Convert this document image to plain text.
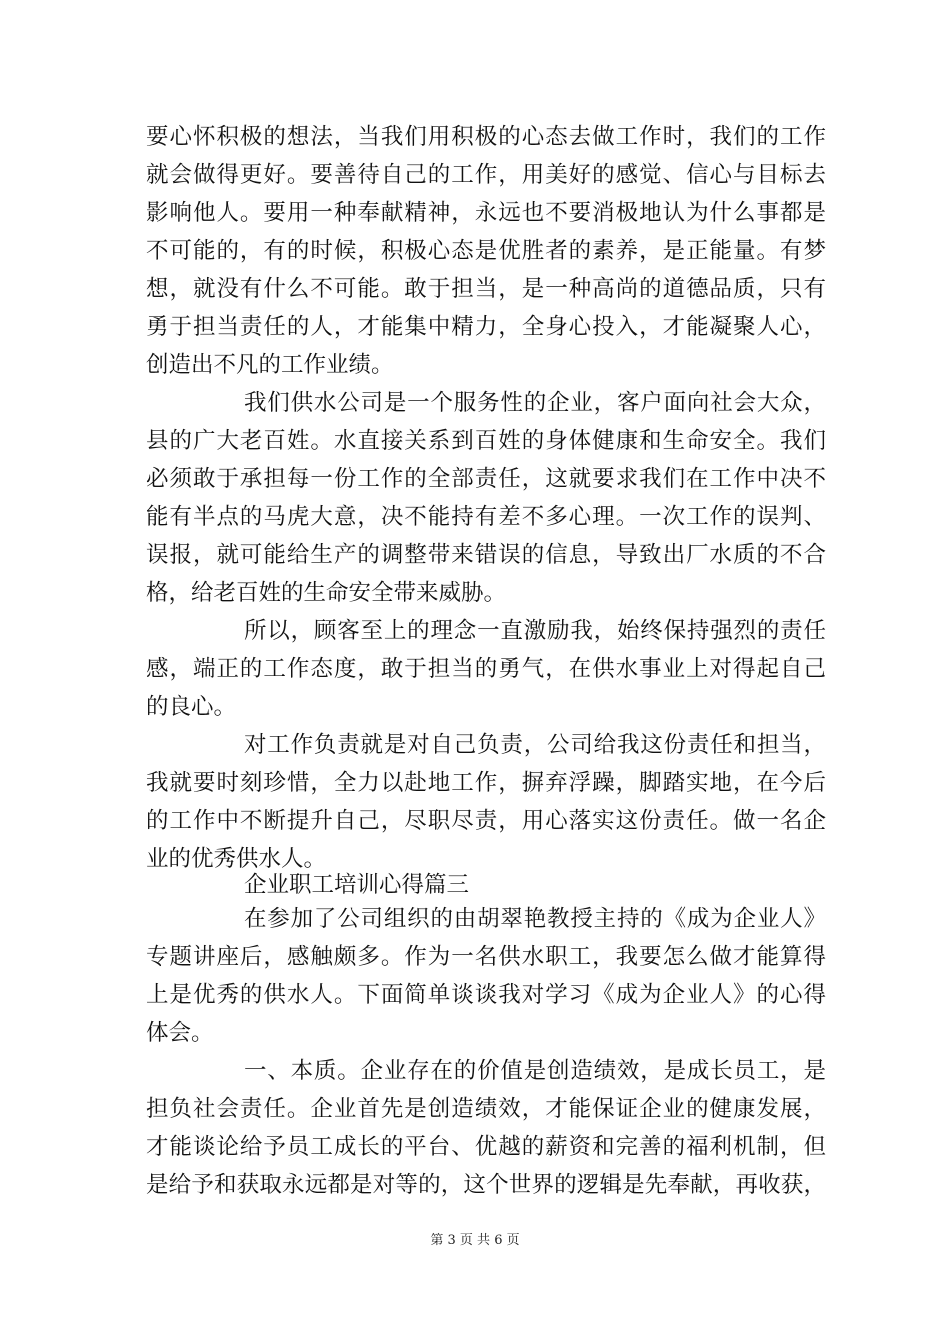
要心怀积极的想法，当我们用积极的心态去做工作时，我们的工作
就会做得更好。要善待自己的工作，用美好的感觉、信心与目标去
影响他人。要用一种奉献精神，永远也不要消极地认为什么事都是
不可能的，有的时候，积极心态是优胜者的素养，是正能量。有梦
想，就没有什么不可能。敢于担当，是一种高尚的道德品质，只有
勇于担当责任的人，才能集中精力，全身心投入，才能凝聚人心，
创造出不凡的工作业绩。
我们供水公司是一个服务性的企业，客户面向社会大众，
县的广大老百姓。水直接关系到百姓的身体健康和生命安全。我们
必须敢于承担每一份工作的全部责任，这就要求我们在工作中决不
能有半点的马虎大意，决不能持有差不多心理。一次工作的误判、
误报，就可能给生产的调整带来错误的信息，导致出厂水质的不合
格，给老百姓的生命安全带来威胁。
所以，顾客至上的理念一直激励我，始终保持强烈的责任
感，端正的工作态度，敢于担当的勇气，在供水事业上对得起自己
的良心。
对工作负责就是对自己负责，公司给我这份责任和担当，
我就要时刻珍惜，全力以赴地工作，摒弃浮躁，脚踏实地，在今后
的工作中不断提升自己，尽职尽责，用心落实这份责任。做一名企
业的优秀供水人。
企业职工培训心得篇三
在参加了公司组织的由胡翠艳教授主持的《成为企业人》
专题讲座后，感触颇多。作为一名供水职工，我要怎么做才能算得
上是优秀的供水人。下面简单谈谈我对学习《成为企业人》的心得
体会。
一、本质。企业存在的价值是创造绩效，是成长员工，是
担负社会责任。企业首先是创造绩效，才能保证企业的健康发展，
才能谈论给予员工成长的平台、优越的薪资和完善的福利机制，但
是给予和获取永远都是对等的，这个世界的逻辑是先奉献，再收获，
第 3 页 共 6 页
